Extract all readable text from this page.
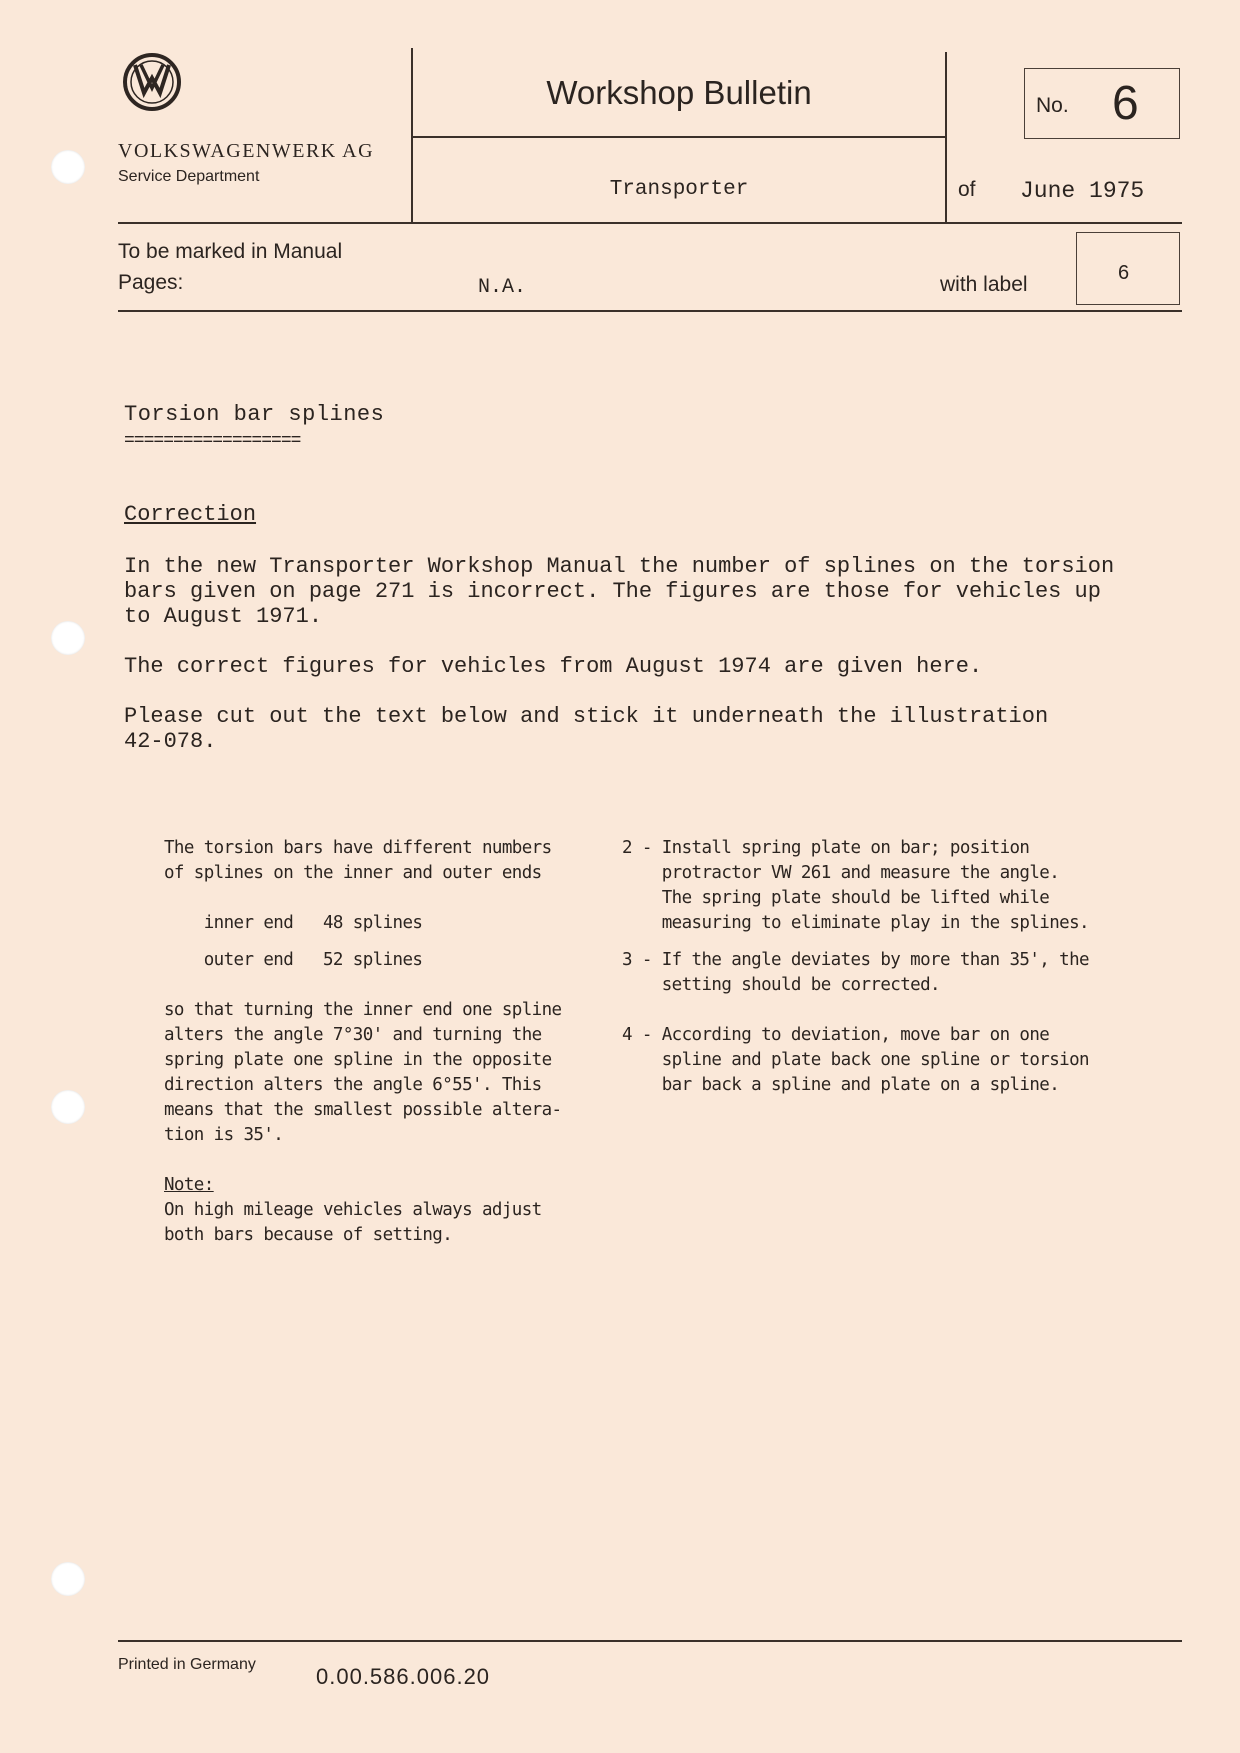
VOLKSWAGENWERK AG
Service Department
Workshop Bulletin
Transporter
No. 6
of June 1975
To be marked in Manual
Pages:	N.A.	with label	6
Torsion bar splines
==================
Correction

In the new Transporter Workshop Manual the number of splines on the torsion
bars given on page 271 is incorrect. The figures are those for vehicles up
to August 1971.

The correct figures for vehicles from August 1974 are given here.

Please cut out the text below and stick it underneath the illustration
42-078.

The torsion bars have different numbers
of splines on the inner and outer ends
inner end   48 splines
outer end   52 splines
so that turning the inner end one spline
alters the angle 7°30' and turning the
spring plate one spline in the opposite
direction alters the angle 6°55'. This
means that the smallest possible altera-
tion is 35'.
Note:
On high mileage vehicles always adjust
both bars because of setting.
2 - Install spring plate on bar; position
protractor VW 261 and measure the angle.
The spring plate should be lifted while
measuring to eliminate play in the splines.
3 - If the angle deviates by more than 35', the
setting should be corrected.
4 - According to deviation, move bar on one
spline and plate back one spline or torsion
bar back a spline and plate on a spline.
Printed in Germany	0.00.586.006.20
